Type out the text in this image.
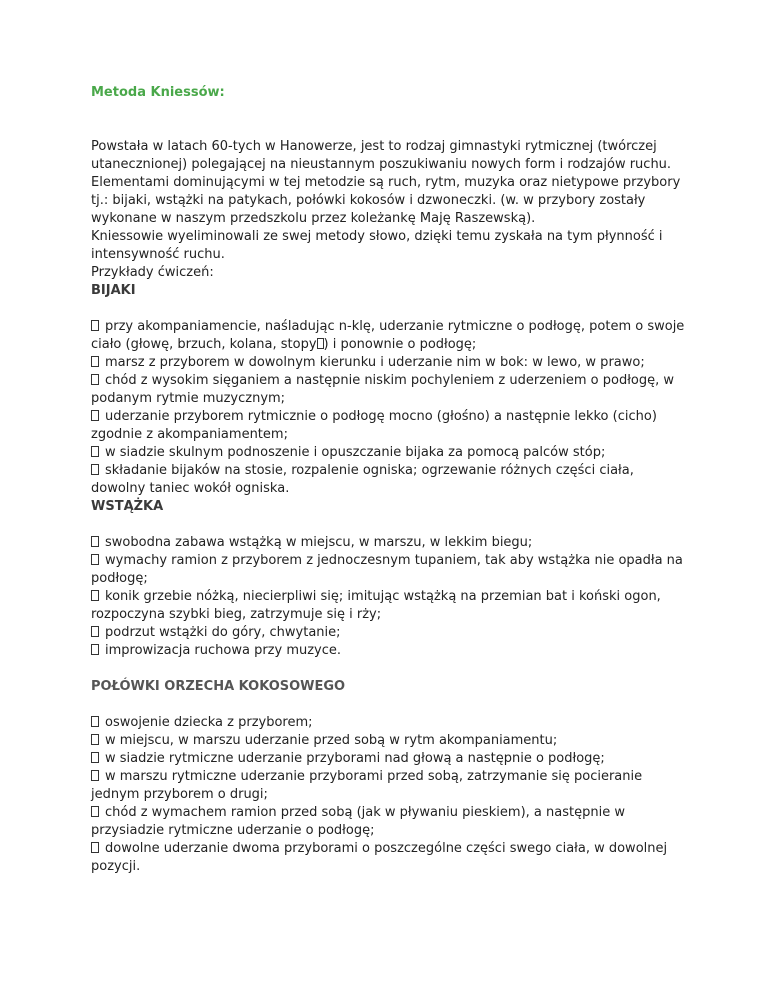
Metoda Kniessów:

Powstała w latach 60-tych w Hanowerze, jest to rodzaj gimnastyki rytmicznej (twórczej utanecznionej) polegającej na nieustannym poszukiwaniu nowych form i rodzajów ruchu. Elementami dominującymi w tej metodzie są ruch, rytm, muzyka oraz nietypowe przybory tj.: bijaki, wstążki na patykach, połówki kokosów i dzwoneczki. (w. w przybory zostały wykonane w naszym przedszkolu przez koleżankę Maję Raszewską).

Kniessowie wyeliminowali ze swej metody słowo, dzięki temu zyskała na tym płynność i intensywność ruchu.

Przykłady ćwiczeń:

BIJAKI

przy akompaniamencie, naśladując n-klę, uderzanie rytmiczne o podłogę, potem o swoje ciało (głowę, brzuch, kolana, stopy ) i ponownie o podłogę;
marsz z przyborem w dowolnym kierunku i uderzanie nim w bok: w lewo, w prawo;
chód z wysokim sięganiem a następnie niskim pochyleniem z uderzeniem o podłogę, w podanym rytmie muzycznym;
uderzanie przyborem rytmicznie o podłogę mocno (głośno) a następnie lekko (cicho) zgodnie z akompaniamentem;
w siadzie skulnym podnoszenie i opuszczanie bijaka za pomocą palców stóp;
składanie bijaków na stosie, rozpalenie ogniska; ogrzewanie różnych części ciała, dowolny taniec wokół ogniska.

WSTĄŻKA

swobodna zabawa wstążką w miejscu, w marszu, w lekkim biegu;
wymachy ramion z przyborem z jednoczesnym tupaniem, tak aby wstążka nie opadła na podłogę;
konik grzebie nóżką, niecierpliwi się; imitując wstążką na przemian bat i koński ogon, rozpoczyna szybki bieg, zatrzymuje się i rży;
podrzut wstążki do góry, chwytanie;
improwizacja ruchowa przy muzyce.

POŁÓWKI ORZECHA KOKOSOWEGO

oswojenie dziecka z przyborem;
w miejscu, w marszu uderzanie przed sobą w rytm akompaniamentu;
w siadzie rytmiczne uderzanie przyborami nad głową a następnie o podłogę;
w marszu rytmiczne uderzanie przyborami przed sobą, zatrzymanie się pocieranie jednym przyborem o drugi;
chód z wymachem ramion przed sobą (jak w pływaniu pieskiem), a następnie w przysiadzie rytmiczne uderzanie o podłogę;
dowolne uderzanie dwoma przyborami o poszczególne części swego ciała, w dowolnej pozycji.
